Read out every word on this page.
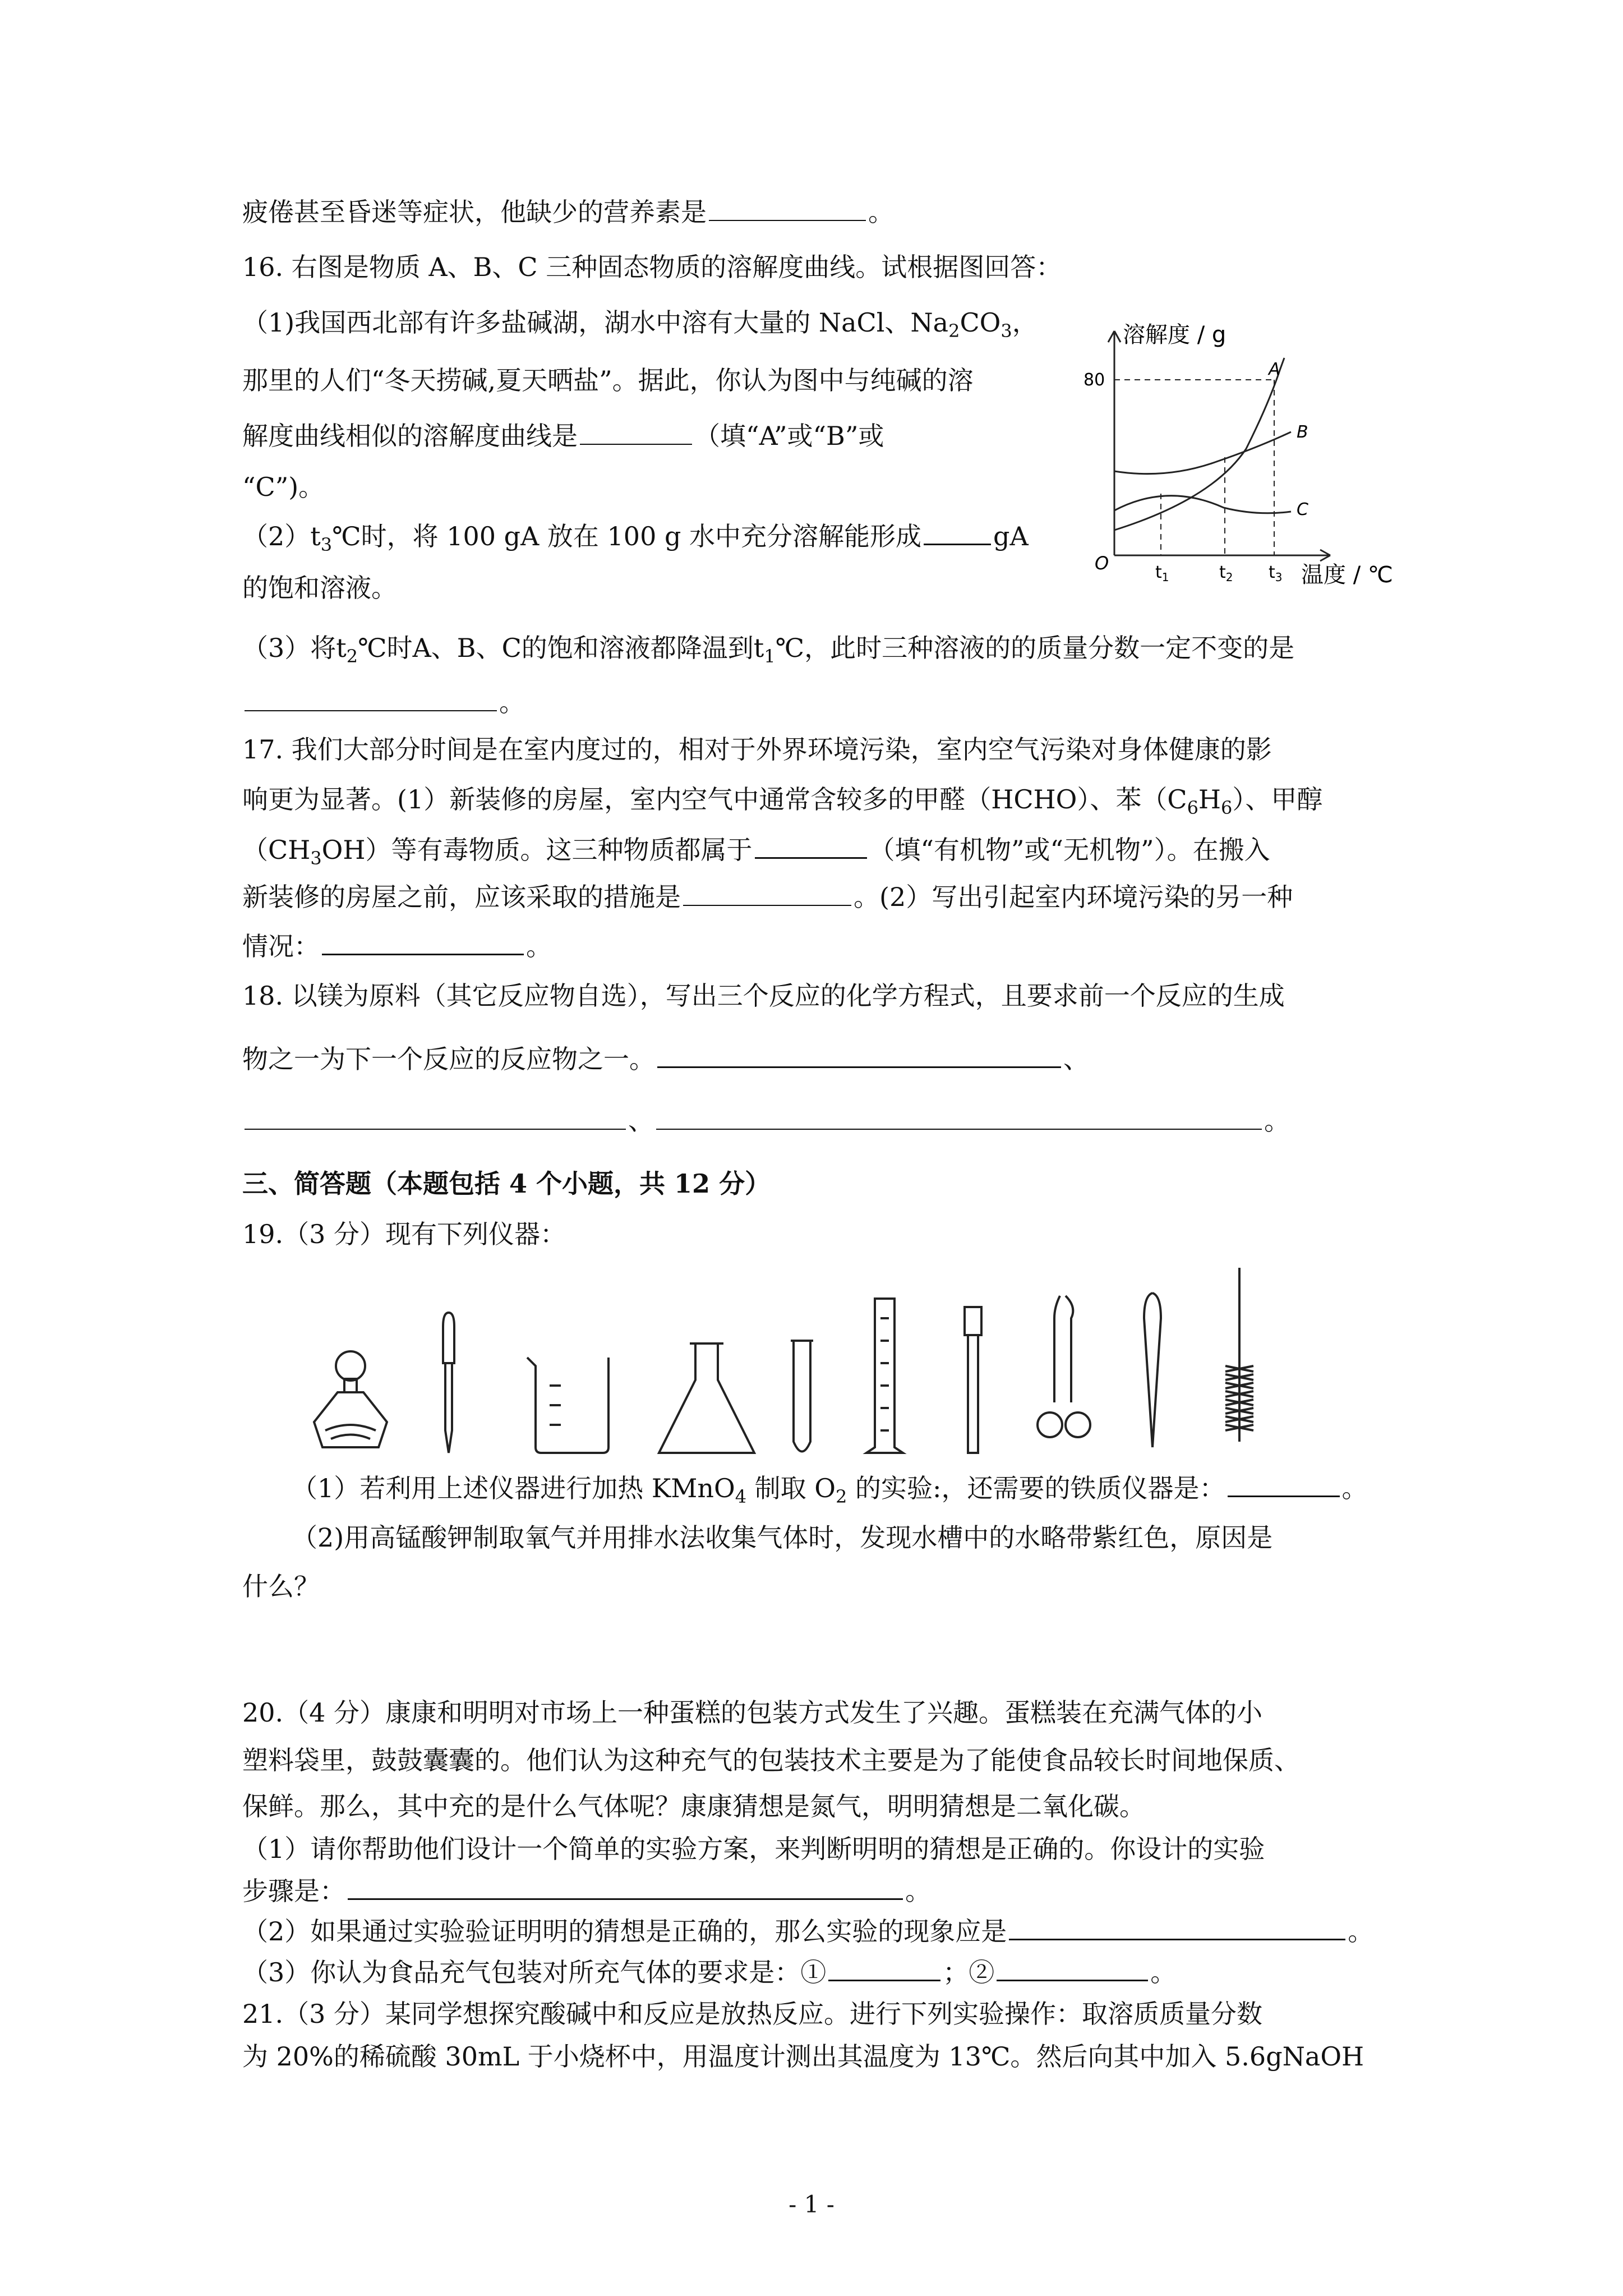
疲倦甚至昏迷等症状，他缺少的营养素是	。

16. 右图是物质 A、B、C 三种固态物质的溶解度曲线。试根据图回答：

（1)我国西北部有许多盐碱湖，湖水中溶有大量的 NaCl、$Na_2CO_3$，

那里的人们“冬天捞碱,夏天晒盐”。据此，你认为图中与纯碱的溶

解度曲线相似的溶解度曲线是	（填“A”或“B”或

“C”)。

$(2)t_3℃$时，将 100 gA 放在 100 g 水中充分溶解能形成	gA

的饱和溶液。

（3）将$t_2℃$时A、B、C的饱和溶液都降温到$t_1℃$，此时三种溶液的的质量分数一定不变的是

。

17. 我们大部分时间是在室内度过的，相对于外界环境污染，室内空气污染对身体健康的影

响更为显著。(1）新装修的房屋，室内空气中通常含较多的甲醛（HCHO）、苯$(C_6H_6)$、甲醇

$(CH_3OH)$等有毒物质。这三种物质都属于	（填“有机物”或“无机物”）。在搬入

新装修的房屋之前，应该采取的措施是	。(2）写出引起室内环境污染的另一种

情况：	。

18. 以镁为原料（其它反应物自选），写出三个反应的化学方程式，且要求前一个反应的生成

物之一为下一个反应的反应物之一。	、

、	。

三、简答题（本题包括 4 个小题，共 12 分）

19.（3 分）现有下列仪器：

（1）若利用上述仪器进行加热 KMnO$_4$ 制取 $O_2$ 的实验:，还需要的铁质仪器是：	。

（2)用高锰酸钾制取氧气并用排水法收集气体时，发现水槽中的水略带紫红色，原因是

什么？

20.（4 分）康康和明明对市场上一种蛋糕的包装方式发生了兴趣。蛋糕装在充满气体的小

塑料袋里，鼓鼓囊囊的。他们认为这种充气的包装技术主要是为了能使食品较长时间地保质、

保鲜。那么，其中充的是什么气体呢？康康猜想是氮气，明明猜想是二氧化碳。

（1）请你帮助他们设计一个简单的实验方案，来判断明明的猜想是正确的。你设计的实验

步骤是：	。

（2）如果通过实验验证明明的猜想是正确的，那么实验的现象应是	。

（3）你认为食品充气包装对所充气体的要求是：①	；②	。

21.（3 分）某同学想探究酸碱中和反应是放热反应。进行下列实验操作：取溶质质量分数

为 20%的稀硫酸 30mL 于小烧杯中，用温度计测出其温度为 13℃。然后向其中加入 5.6gNaOH

溶解度 / g
80
O
A
B
C
$t_1$	$t_2$ $t_3$ 温度 / ℃
- 1 -
